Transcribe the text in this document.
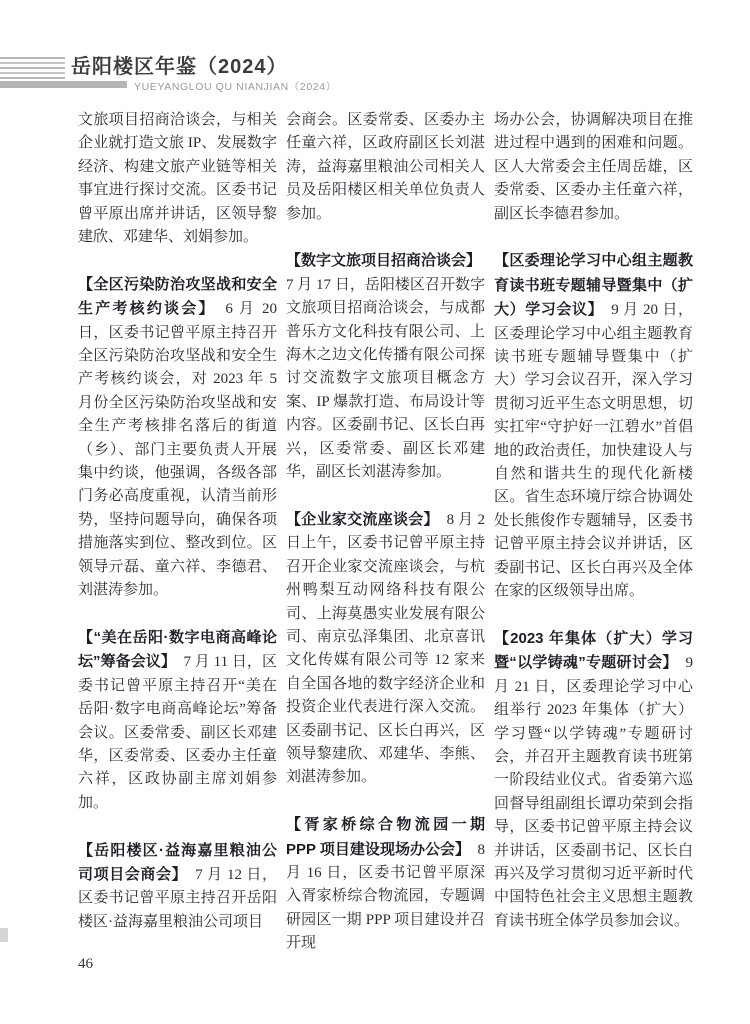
岳阳楼区年鉴（2024）
YUEYANGLOU QU NIANJIAN（2024）

文旅项目招商洽谈会，与相关企业就打造文旅 IP、发展数字经济、构建文旅产业链等相关事宜进行探讨交流。区委书记曾平原出席并讲话，区领导黎建欣、邓建华、刘娟参加。

【全区污染防治攻坚战和安全生产考核约谈会】　6 月 20 日，区委书记曾平原主持召开全区污染防治攻坚战和安全生产考核约谈会，对 2023 年 5 月份全区污染防治攻坚战和安全生产考核排名落后的街道（乡）、部门主要负责人开展集中约谈，他强调，各级各部门务必高度重视，认清当前形势，坚持问题导向，确保各项措施落实到位、整改到位。区领导亓磊、童六祥、李德君、刘湛涛参加。

【“美在岳阳·数字电商高峰论坛”筹备会议】　7 月 11 日，区委书记曾平原主持召开“美在岳阳·数字电商高峰论坛”筹备会议。区委常委、副区长邓建华，区委常委、区委办主任童六祥，区政协副主席刘娟参加。

【岳阳楼区·益海嘉里粮油公司项目会商会】　7 月 12 日，区委书记曾平原主持召开岳阳楼区·益海嘉里粮油公司项目

会商会。区委常委、区委办主任童六祥，区政府副区长刘湛涛，益海嘉里粮油公司相关人员及岳阳楼区相关单位负责人参加。

【数字文旅项目招商洽谈会】　7 月 17 日，岳阳楼区召开数字文旅项目招商洽谈会，与成都普乐方文化科技有限公司、上海木之边文化传播有限公司探讨交流数字文旅项目概念方案、IP 爆款打造、布局设计等内容。区委副书记、区长白再兴，区委常委、副区长邓建华，副区长刘湛涛参加。

【企业家交流座谈会】　8 月 2 日上午，区委书记曾平原主持召开企业家交流座谈会，与杭州鸭梨互动网络科技有限公司、上海莫愚实业发展有限公司、南京弘泽集团、北京喜讯文化传媒有限公司等 12 家来自全国各地的数字经济企业和投资企业代表进行深入交流。区委副书记、区长白再兴，区领导黎建欣、邓建华、李熊、刘湛涛参加。

【胥家桥综合物流园一期 PPP 项目建设现场办公会】　8 月 16 日，区委书记曾平原深入胥家桥综合物流园，专题调研园区一期 PPP 项目建设并召开现

场办公会，协调解决项目在推进过程中遇到的困难和问题。区人大常委会主任周岳雄，区委常委、区委办主任童六祥，副区长李德君参加。

【区委理论学习中心组主题教育读书班专题辅导暨集中（扩大）学习会议】　9 月 20 日，区委理论学习中心组主题教育读书班专题辅导暨集中（扩大）学习会议召开，深入学习贯彻习近平生态文明思想，切实扛牢“守护好一江碧水”首倡地的政治责任，加快建设人与自然和谐共生的现代化新楼区。省生态环境厅综合协调处处长熊俊作专题辅导，区委书记曾平原主持会议并讲话，区委副书记、区长白再兴及全体在家的区级领导出席。

【2023 年集体（扩大）学习暨“以学铸魂”专题研讨会】　9 月 21 日，区委理论学习中心组举行 2023 年集体（扩大）学习暨“以学铸魂”专题研讨会，并召开主题教育读书班第一阶段结业仪式。省委第六巡回督导组副组长谭功荣到会指导，区委书记曾平原主持会议并讲话，区委副书记、区长白再兴及学习贯彻习近平新时代中国特色社会主义思想主题教育读书班全体学员参加会议。

46
